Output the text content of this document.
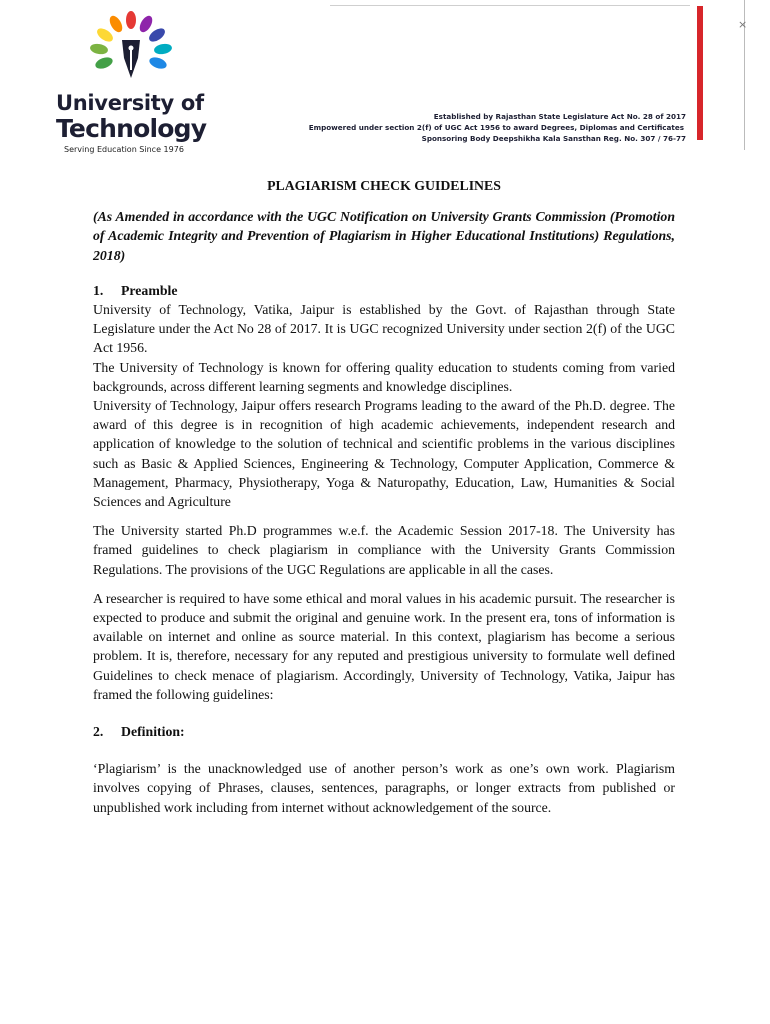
University of
Technology
Serving Education Since 1976
Established by Rajasthan State Legislature Act No. 28 of 2017
Empowered under section 2(f) of UGC Act 1956 to award Degrees, Diplomas and Certificates
Sponsoring Body Deepshikha Kala Sansthan Reg. No. 307 / 76-77
×
PLAGIARISM CHECK GUIDELINES
(As Amended in accordance with the UGC Notification on University Grants Commission (Promotion of Academic Integrity and Prevention of Plagiarism in Higher Educational Institutions) Regulations, 2018)
1. Preamble

University of Technology, Vatika, Jaipur is established by the Govt. of Rajasthan through State Legislature under the Act No 28 of 2017. It is UGC recognized University under section 2(f) of the UGC Act 1956.

The University of Technology is known for offering quality education to students coming from varied backgrounds, across different learning segments and knowledge disciplines.

University of Technology, Jaipur offers research Programs leading to the award of the Ph.D. degree. The award of this degree is in recognition of high academic achievements, independent research and application of knowledge to the solution of technical and scientific problems in the various disciplines such as Basic & Applied Sciences, Engineering & Technology, Computer Application, Commerce & Management, Pharmacy, Physiotherapy, Yoga & Naturopathy, Education, Law, Humanities & Social Sciences and Agriculture

The University started Ph.D programmes w.e.f. the Academic Session 2017-18. The University has framed guidelines to check plagiarism in compliance with the University Grants Commission Regulations. The provisions of the UGC Regulations are applicable in all the cases.

A researcher is required to have some ethical and moral values in his academic pursuit. The researcher is expected to produce and submit the original and genuine work. In the present era, tons of information is available on internet and online as source material. In this context, plagiarism has become a serious problem. It is, therefore, necessary for any reputed and prestigious university to formulate well defined Guidelines to check menace of plagiarism. Accordingly, University of Technology, Vatika, Jaipur has framed the following guidelines:

2. Definition:

‘Plagiarism’ is the unacknowledged use of another person’s work as one’s own work. Plagiarism involves copying of Phrases, clauses, sentences, paragraphs, or longer extracts from published or unpublished work including from internet without acknowledgement of the source.
